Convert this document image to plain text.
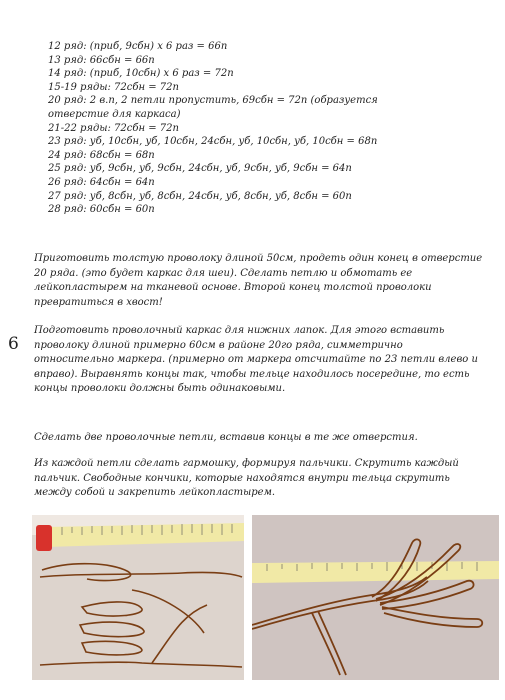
12 ряд: (приб, 9сбн) х 6 раз = 66п
13 ряд: 66сбн = 66п
14 ряд: (приб, 10сбн) х 6 раз = 72п
15-19 ряды: 72сбн = 72п
20 ряд: 2 в.п, 2 петли пропустить, 69сбн = 72п (образуется
отверстие для каркаса)
21-22 ряды: 72сбн = 72п
23 ряд: уб, 10сбн, уб, 10сбн, 24сбн, уб, 10сбн, уб, 10сбн = 68п
24 ряд: 68сбн = 68п
25 ряд: уб, 9сбн, уб, 9сбн, 24сбн, уб, 9сбн, уб, 9сбн = 64п
26 ряд: 64сбн = 64п
27 ряд: уб, 8сбн, уб, 8сбн, 24сбн, уб, 8сбн, уб, 8сбн = 60п
28 ряд: 60сбн = 60п
Приготовить толстую проволоку длиной 50см, продеть один конец в отверстие 20 ряда. (это будет каркас для шеи). Сделать петлю и обмотать ее лейкопластырем на тканевой основе. Второй конец толстой проволоки превратиться в хвост!
6
Подготовить проволочный каркас для нижних лапок. Для этого вставить проволоку длиной примерно 60см в районе 20го ряда, симметрично относительно маркера. (примерно от маркера отсчитайте по 23 петли влево и вправо). Выравнять концы так, чтобы тельце находилось посередине, то есть концы проволоки должны быть одинаковыми.
Сделать две проволочные петли, вставив концы в те же отверстия.
Из каждой петли сделать гармошку, формируя пальчики. Скрутить каждый пальчик. Свободные кончики, которые находятся внутри тельца скрутить между собой и закрепить лейкопластырем.
